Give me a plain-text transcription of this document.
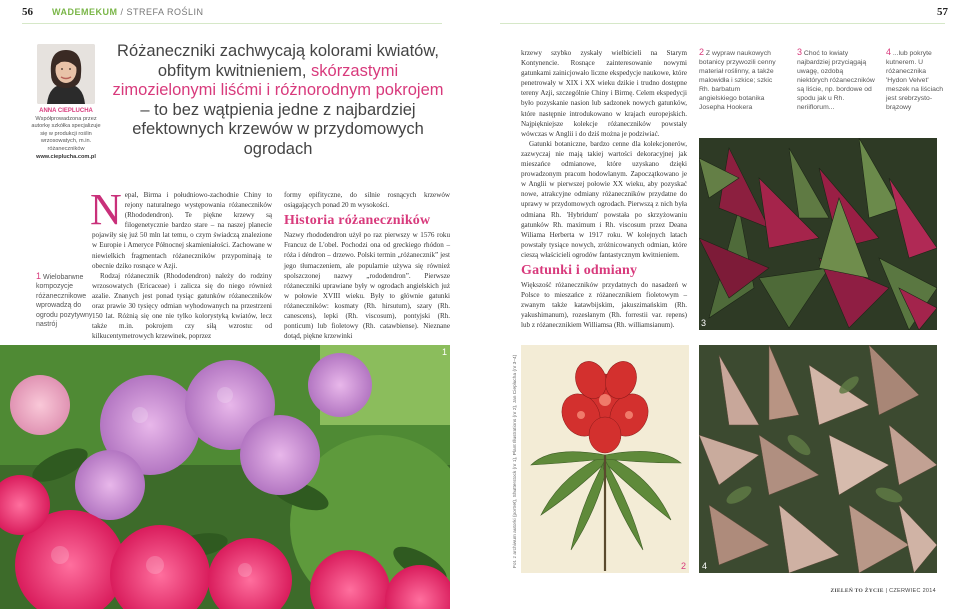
56 WADEMEKUM / STREFA ROŚLIN	57
ANNA CIEPLUCHA
Współprowadzona przez autorkę szkółka specjalizuje się w produkcji roślin wrzosowatych, m.in. różaneczników
www.cieplucha.com.pl
1 Wielobarwne kompozycje różanecznikowe wprowadzą do ogrodu pozytywny nastrój
Różaneczniki zachwycają kolorami kwiatów, obfitym kwitnieniem, skórzastymi zimozielonymi liśćmi i różnorodnym pokrojem – to bez wątpienia jedne z najbardziej efektownych krzewów w przydomowych ogrodach

Nepal, Birma i południowo-zachodnie Chiny to rejony naturalnego występowania różaneczników (Rhododendron). Te piękne krzewy są filogenetycznie bardzo stare – na naszej planecie pojawiły się już 50 mln lat temu, o czym świadczą znalezione w Europie i Ameryce Północnej skamieniałości. Zachowane w niewielkich fragmentach różaneczników przypominają te obecnie dziko rosnące w Azji.

Rodzaj różanecznik (Rhododendron) należy do rodziny wrzosowatych (Ericaceae) i zalicza się do niego również azalie. Znanych jest ponad tysiąc gatunków różaneczników oraz prawie 30 tysięcy odmian wyhodowanych na przestrzeni 150 lat. Różnią się one nie tylko kolorystyką kwiatów, lecz także m.in. pokrojem czy siłą wzrostu: od kilkucentymetrowych krzewinek, poprzez

formy epifityczne, do silnie rosnących krzewów osiągających ponad 20 m wysokości.

Historia różaneczników

Nazwy rhododendron użył po raz pierwszy w 1576 roku Francuz de L'obel. Pochodzi ona od greckiego rhódon – róża i déndron – drzewo. Polski termin „różanecznik” jest jego tłumaczeniem, ale popularnie używa się również spolszczonej nazwy „rododendron”. Pierwsze różaneczniki uprawiane były w ogrodach angielskich już w połowie XVIII wieku. Były to głównie gatunki różaneczników: kosmaty (Rh. hirsutum), szary (Rh. canescens), lepki (Rh. viscosum), pontyjski (Rh. ponticum) lub fioletowy (Rh. catawbiense). Nieznane dotąd, piękne krzewinki

krzewy szybko zyskały wielbicieli na Starym Kontynencie. Rosnące zainteresowanie nowymi gatunkami zainicjowało liczne ekspedycje naukowe, które penetrowały w XIX i XX wieku dzikie i trudno dostępne tereny Azji, szczególnie Chiny i Birmę. Celem ekspedycji było pozyskanie nasion lub sadzonek nowych gatunków, które następnie introdukowano w krajach europejskich. Najpiękniejsze kolekcje różaneczników powstały wówczas w Anglii i do dziś można je podziwiać.

Gatunki botaniczne, bardzo cenne dla kolekcjonerów, zazwyczaj nie mają takiej wartości dekoracyjnej jak mieszańce odmianowe, które uzyskano dzięki prowadzonym pracom hodowlanym. Zapoczątkowano je w Anglii w pierwszej połowie XX wieku, aby pozyskać nowe, atrakcyjne odmiany różaneczników przydatne do uprawy w przydomowych ogrodach. Pierwszą z nich była odmiana Rh. 'Hybridum' powstała po skrzyżowaniu gatunków Rh. maximum i Rh. viscosum przez Deana Wiliama Herberta w 1917 roku. W kolejnych latach powstały tysiące nowych, zróżnicowanych odmian, które cieszą właścicieli ogrodów fantastycznym kwitnieniem.

Gatunki i odmiany

Większość różaneczników przydatnych do nasadzeń w Polsce to mieszańce z różanecznikiem fioletowym – zwanym także katawbijskim, jakuszimańskim (Rh. yakushimanum), rozesłanym (Rh. forrestii var. repens) lub z różanecznikiem Williamsa (Rh. williamsianum).

2 Z wypraw naukowych botanicy przywozili cenny materiał roślinny, a także malowidła i szkice; szkic Rh. barbatum angielskiego botanika Josepha Hookera
3 Choć to kwiaty najbardziej przyciągają uwagę, ozdobą niektórych różaneczników są liście, np. bordowe od spodu jak u Rh. neriiflorum...
4 ...lub pokryte kutnerem. U różanecznika 'Hydon Velvet' meszek na liściach jest srebrzysto-brązowy
3
1
Fot. z archiwum autorki (portret), Shutterstock (nr 1), Plant Illustrations (nr 2), Jan Cieplucha (nr 3–4)	2 4
ZIELEŃ TO ŻYCIE | CZERWIEC 2014
